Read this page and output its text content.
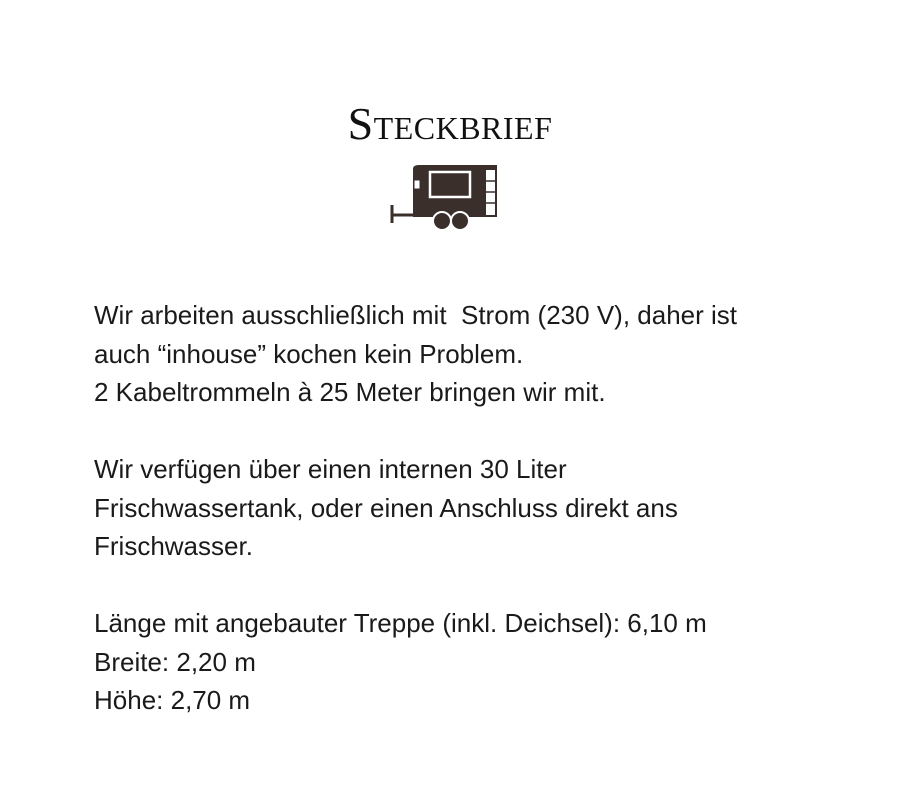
Steckbrief

Wir arbeiten ausschließlich mit  Strom (230 V), daher ist
auch “inhouse” kochen kein Problem.
2 Kabeltrommeln à 25 Meter bringen wir mit.

Wir verfügen über einen internen 30 Liter
Frischwassertank, oder einen Anschluss direkt ans
Frischwasser.

Länge mit angebauter Treppe (inkl. Deichsel): 6,10 m
Breite: 2,20 m
Höhe: 2,70 m
